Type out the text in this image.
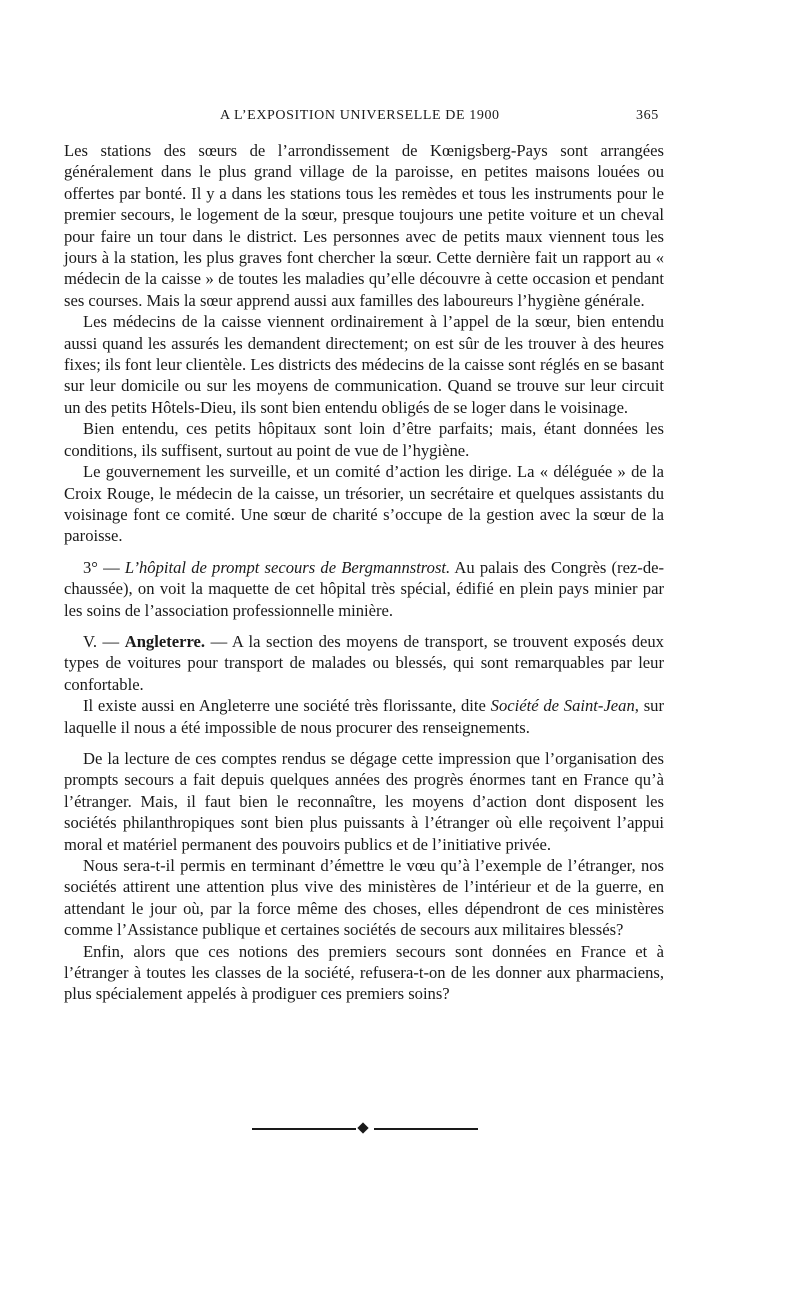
A L’EXPOSITION UNIVERSELLE DE 1900	365

Les stations des sœurs de l’arrondissement de Kœnigsberg-Pays sont arrangées généralement dans le plus grand village de la paroisse, en petites maisons louées ou offertes par bonté. Il y a dans les stations tous les remèdes et tous les instruments pour le premier secours, le logement de la sœur, presque toujours une petite voiture et un cheval pour faire un tour dans le district. Les personnes avec de petits maux viennent tous les jours à la station, les plus graves font chercher la sœur. Cette dernière fait un rapport au « médecin de la caisse » de toutes les maladies qu’elle découvre à cette occasion et pendant ses courses. Mais la sœur apprend aussi aux familles des laboureurs l’hygiène générale.

Les médecins de la caisse viennent ordinairement à l’appel de la sœur, bien entendu aussi quand les assurés les demandent directement; on est sûr de les trouver à des heures fixes; ils font leur clientèle. Les districts des médecins de la caisse sont réglés en se basant sur leur domicile ou sur les moyens de communication. Quand se trouve sur leur circuit un des petits Hôtels-Dieu, ils sont bien entendu obligés de se loger dans le voisinage.

Bien entendu, ces petits hôpitaux sont loin d’être parfaits; mais, étant données les conditions, ils suffisent, surtout au point de vue de l’hygiène.

Le gouvernement les surveille, et un comité d’action les dirige. La « déléguée » de la Croix Rouge, le médecin de la caisse, un trésorier, un secrétaire et quelques assistants du voisinage font ce comité. Une sœur de charité s’occupe de la gestion avec la sœur de la paroisse.

3° — L’hôpital de prompt secours de Bergmannstrost. Au palais des Congrès (rez-de-chaussée), on voit la maquette de cet hôpital très spécial, édifié en plein pays minier par les soins de l’association professionnelle minière.

V. — Angleterre. — A la section des moyens de transport, se trouvent exposés deux types de voitures pour transport de malades ou blessés, qui sont remarquables par leur confortable.

Il existe aussi en Angleterre une société très florissante, dite Société de Saint-Jean, sur laquelle il nous a été impossible de nous procurer des renseignements.

De la lecture de ces comptes rendus se dégage cette impression que l’organisation des prompts secours a fait depuis quelques années des progrès énormes tant en France qu’à l’étranger. Mais, il faut bien le reconnaître, les moyens d’action dont disposent les sociétés philanthropiques sont bien plus puissants à l’étranger où elle reçoivent l’appui moral et matériel permanent des pouvoirs publics et de l’initiative privée.

Nous sera-t-il permis en terminant d’émettre le vœu qu’à l’exemple de l’étranger, nos sociétés attirent une attention plus vive des ministères de l’intérieur et de la guerre, en attendant le jour où, par la force même des choses, elles dépendront de ces ministères comme l’Assistance publique et certaines sociétés de secours aux militaires blessés?

Enfin, alors que ces notions des premiers secours sont données en France et à l’étranger à toutes les classes de la société, refusera-t-on de les donner aux pharmaciens, plus spécialement appelés à prodiguer ces premiers soins?
